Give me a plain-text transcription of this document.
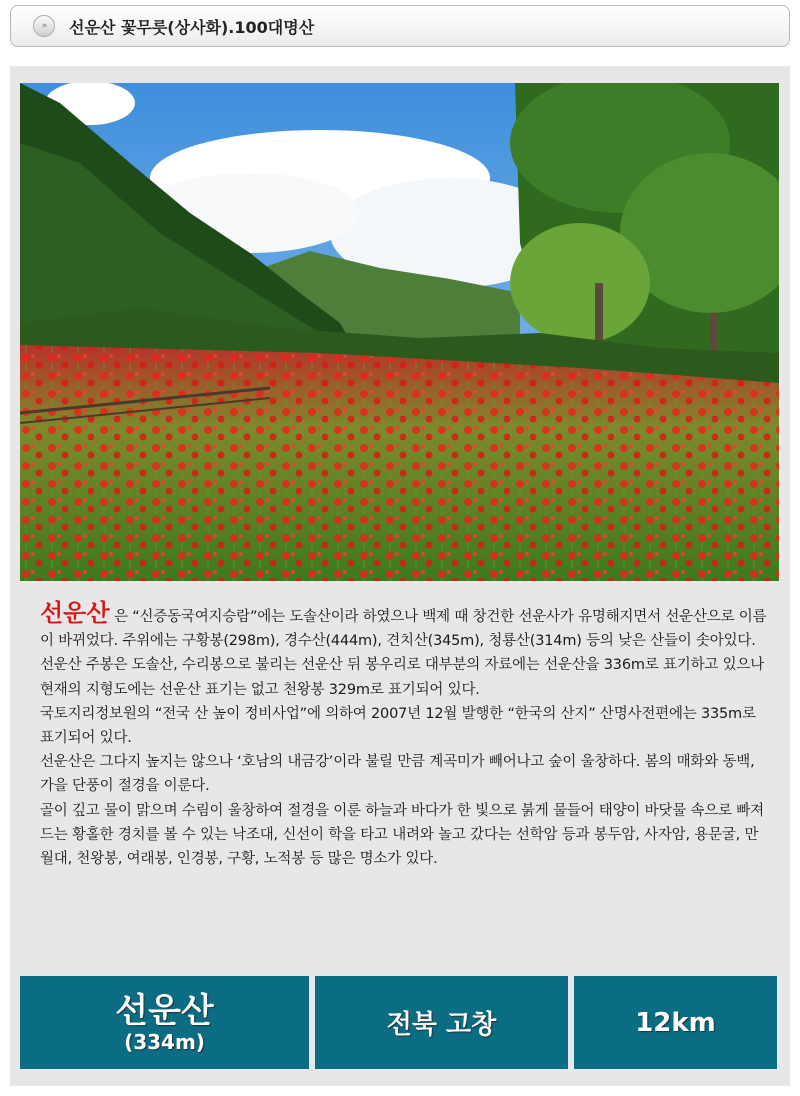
»	선운산 꽃무릇(상사화).100대명산

선운산 은 “신증동국여지승람”에는 도솔산이라 하였으나 백제 때 창건한 선운사가 유명해지면서 선운산으로 이름이 바뀌었다. 주위에는 구황봉(298m), 경수산(444m), 견치산(345m), 청룡산(314m) 등의 낮은 산들이 솟아있다.

선운산 주봉은 도솔산, 수리봉으로 불리는 선운산 뒤 봉우리로 대부분의 자료에는 선운산을 336m로 표기하고 있으나 현재의 지형도에는 선운산 표기는 없고 천왕봉 329m로 표기되어 있다.

국토지리정보원의 “전국 산 높이 정비사업”에 의하여 2007년 12월 발행한 “한국의 산지” 산명사전편에는 335m로 표기되어 있다.

선운산은 그다지 높지는 않으나 ‘호남의 내금강’이라 불릴 만큼 계곡미가 빼어나고 숲이 울창하다. 봄의 매화와 동백, 가을 단풍이 절경을 이룬다.

골이 깊고 물이 맑으며 수림이 울창하여 절경을 이룬 하늘과 바다가 한 빛으로 붉게 물들어 태양이 바닷물 속으로 빠져드는 황홀한 경치를 볼 수 있는 낙조대, 신선이 학을 타고 내려와 놀고 갔다는 선학암 등과 봉두암, 사자암, 용문굴, 만월대, 천왕봉, 여래봉, 인경봉, 구황, 노적봉 등 많은 명소가 있다.

선운산
(334m)
전북 고창	12km
